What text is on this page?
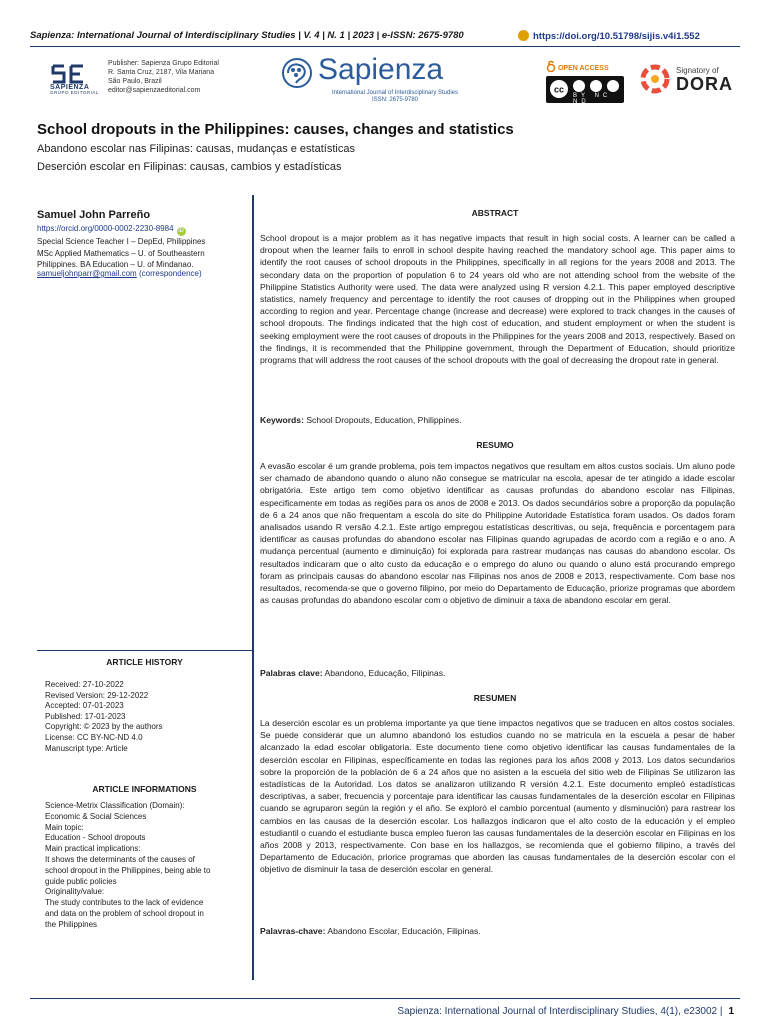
Sapienza: International Journal of Interdisciplinary Studies | V. 4 | N. 1 | 2023 | e-ISSN: 2675-9780	https://doi.org/10.51798/sijis.v4i1.552
SAPIENZA
GRUPO EDITORIAL
Publisher: Sapienza Grupo Editorial
R. Santa Cruz, 2187, Vila Mariana
São Paulo, Brazil
editor@sapienzaeditorial.com
Sapienza
International Journal of Interdisciplinary Studies
ISSN: 2675-9780
OPEN ACCESS
cc
BY NC ND
Signatory of
DORA
School dropouts in the Philippines: causes, changes and statistics
Abandono escolar nas Filipinas: causas, mudanças e estatísticas
Deserción escolar en Filipinas: causas, cambios y estadísticas
Samuel John Parreño
https://orcid.org/0000-0002-2230-8984 iD
Special Science Teacher I – DepEd, Philippines
MSc Applied Mathematics – U. of Southeastern
Philippines. BA Education – U. of Mindanao.
samueljohnparr@gmail.com (correspondence)
ARTICLE HISTORY
Received: 27-10-2022
Revised Version: 29-12-2022
Accepted: 07-01-2023
Published: 17-01-2023
Copyright: © 2023 by the authors
License: CC BY-NC-ND 4.0
Manuscript type: Article
ARTICLE INFORMATIONS
Science-Metrix Classification (Domain):
Economic & Social Sciences
Main topic:
Education - School dropouts
Main practical implications:
It shows the determinants of the causes of
school dropout in the Philippines, being able to
guide public policies
Originality/value:
The study contributes to the lack of evidence
and data on the problem of school dropout in
the Philippines
ABSTRACT
School dropout is a major problem as it has negative impacts that result in high social costs. A learner can be called a dropout when the learner fails to enroll in school despite having reached the mandatory school age. This paper aims to identify the root causes of school dropouts in the Philippines, specifically in all regions for the years 2008 and 2013. The secondary data on the proportion of population 6 to 24 years old who are not attending school from the website of the Philippine Statistics Authority were used. The data were analyzed using R version 4.2.1. This paper employed descriptive statistics, namely frequency and percentage to identify the root causes of dropping out in the Philippines when grouped according to region and year. Percentage change (increase and decrease) were explored to track changes in the causes of school dropouts. The findings indicated that the high cost of education, and student employment or when the student is seeking employment were the root causes of dropouts in the Philippines for the years 2008 and 2013, respectively. Based on the findings, it is recommended that the Philippine government, through the Department of Education, should prioritize programs that will address the root causes of the school dropouts with the goal of decreasing the dropout rate in general.
Keywords: School Dropouts, Education, Philippines.
RESUMO
A evasão escolar é um grande problema, pois tem impactos negativos que resultam em altos custos sociais. Um aluno pode ser chamado de abandono quando o aluno não consegue se matricular na escola, apesar de ter atingido a idade escolar obrigatória. Este artigo tem como objetivo identificar as causas profundas do abandono escolar nas Filipinas, especificamente em todas as regiões para os anos de 2008 e 2013. Os dados secundários sobre a proporção da população de 6 a 24 anos que não frequentam a escola do site do Philippine Autoridade Estatística foram usados. Os dados foram analisados usando R versão 4.2.1. Este artigo empregou estatísticas descritivas, ou seja, frequência e porcentagem para identificar as causas profundas do abandono escolar nas Filipinas quando agrupadas de acordo com a região e o ano. A mudança percentual (aumento e diminuição) foi explorada para rastrear mudanças nas causas do abandono escolar. Os resultados indicaram que o alto custo da educação e o emprego do aluno ou quando o aluno está procurando emprego foram as principais causas do abandono escolar nas Filipinas nos anos de 2008 e 2013, respectivamente. Com base nos resultados, recomenda-se que o governo filipino, por meio do Departamento de Educação, priorize programas que abordem as causas profundas do abandono escolar com o objetivo de diminuir a taxa de abandono escolar em geral.
Palabras clave: Abandono, Educação, Filipinas.
RESUMEN
La deserción escolar es un problema importante ya que tiene impactos negativos que se traducen en altos costos sociales. Se puede considerar que un alumno abandonó los estudios cuando no se matricula en la escuela a pesar de haber alcanzado la edad escolar obligatoria. Este documento tiene como objetivo identificar las causas fundamentales de la deserción escolar en Filipinas, específicamente en todas las regiones para los años 2008 y 2013. Los datos secundarios sobre la proporción de la población de 6 a 24 años que no asisten a la escuela del sitio web de Filipinas Se utilizaron las estadísticas de la Autoridad. Los datos se analizaron utilizando R versión 4.2.1. Este documento empleó estadísticas descriptivas, a saber, frecuencia y porcentaje para identificar las causas fundamentales de la deserción escolar en Filipinas cuando se agruparon según la región y el año. Se exploró el cambio porcentual (aumento y disminución) para rastrear los cambios en las causas de la deserción escolar. Los hallazgos indicaron que el alto costo de la educación y el empleo estudiantil o cuando el estudiante busca empleo fueron las causas fundamentales de la deserción escolar en Filipinas en los años 2008 y 2013, respectivamente. Con base en los hallazgos, se recomienda que el gobierno filipino, a través del Departamento de Educación, priorice programas que aborden las causas fundamentales de la deserción escolar con el objetivo de disminuir la tasa de deserción escolar en general.
Palavras-chave: Abandono Escolar, Educación, Filipinas.
Sapienza: International Journal of Interdisciplinary Studies, 4(1), e23002 | 1
